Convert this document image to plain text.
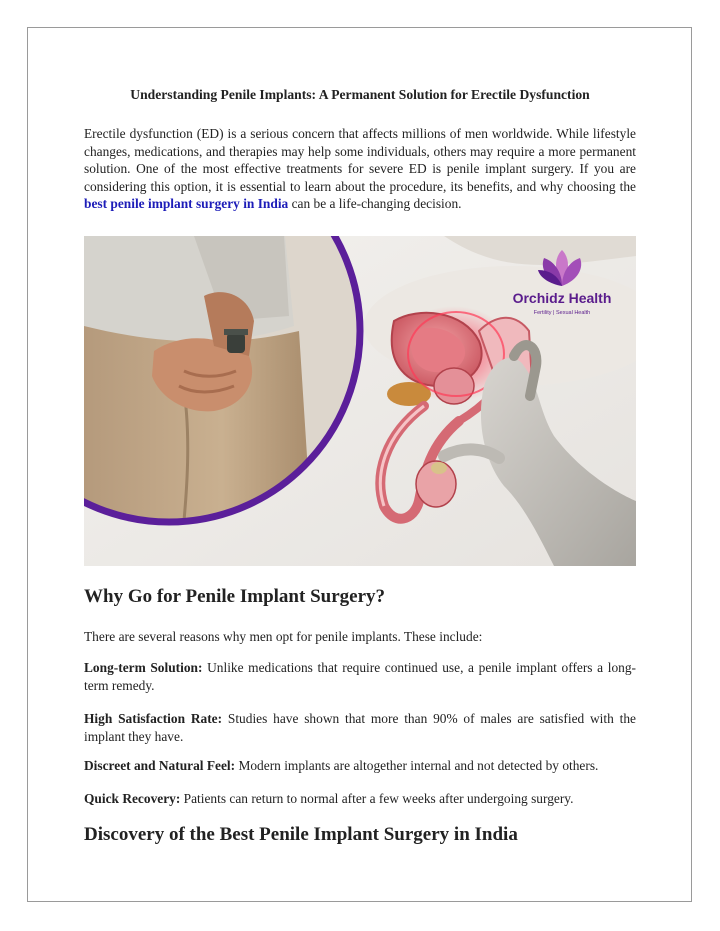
Understanding Penile Implants: A Permanent Solution for Erectile Dysfunction

Erectile dysfunction (ED) is a serious concern that affects millions of men worldwide. While lifestyle changes, medications, and therapies may help some individuals, others may require a more permanent solution. One of the most effective treatments for severe ED is penile implant surgery. If you are considering this option, it is essential to learn about the procedure, its benefits, and why choosing the best penile implant surgery in India can be a life-changing decision.

Orchidz Health
Fertility | Sexual Health
Why Go for Penile Implant Surgery?

There are several reasons why men opt for penile implants. These include:

Long-term Solution: Unlike medications that require continued use, a penile implant offers a long-term remedy.

High Satisfaction Rate: Studies have shown that more than 90% of males are satisfied with the implant they have.

Discreet and Natural Feel: Modern implants are altogether internal and not detected by others.

Quick Recovery: Patients can return to normal after a few weeks after undergoing surgery.

Discovery of the Best Penile Implant Surgery in India
